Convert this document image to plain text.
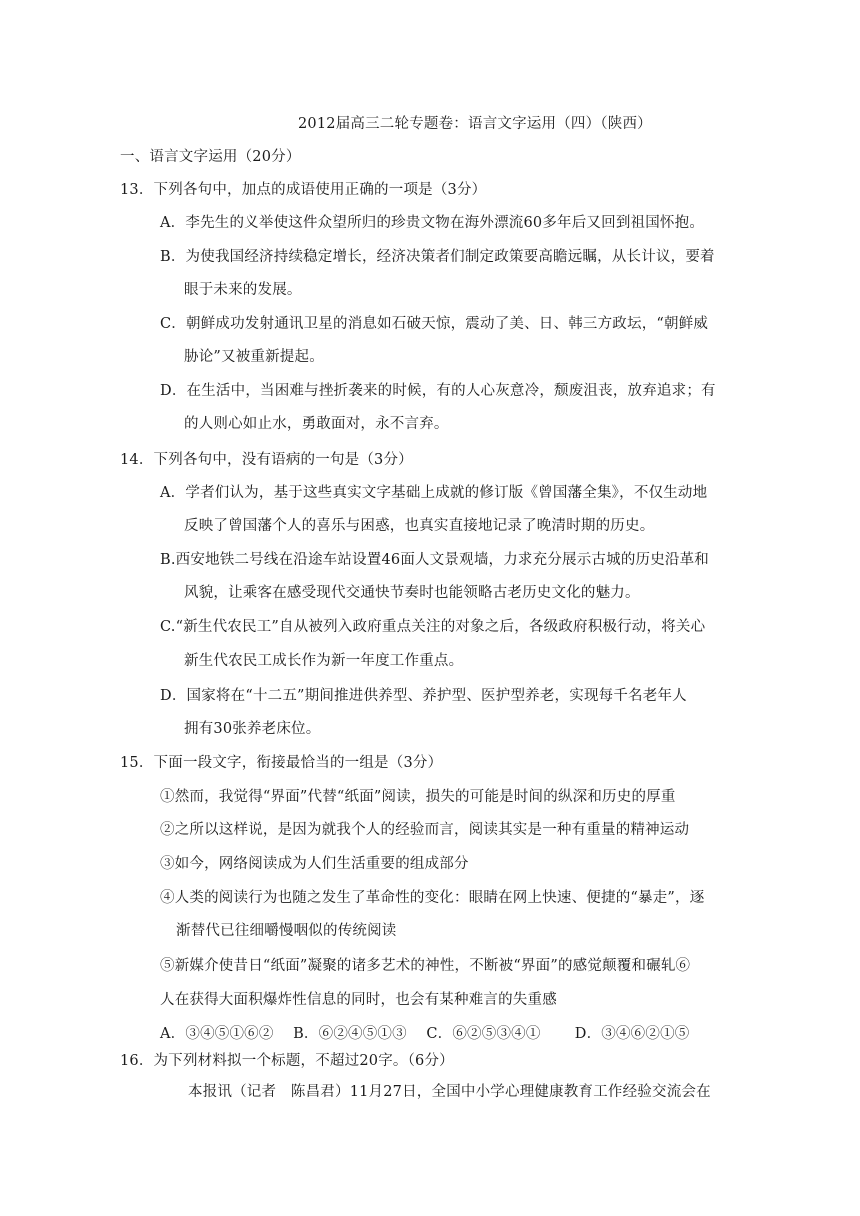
2012届高三二轮专题卷：语言文字运用（四）（陕西）
一、语言文字运用（20分）
13．下列各句中，加点的成语使用正确的一项是（3分）
A．李先生的义举使这件众望所归的珍贵文物在海外漂流60多年后又回到祖国怀抱。
B．为使我国经济持续稳定增长，经济决策者们制定政策要高瞻远瞩，从长计议，要着
眼于未来的发展。
C．朝鲜成功发射通讯卫星的消息如石破天惊，震动了美、日、韩三方政坛，“朝鲜威
胁论”又被重新提起。
D．在生活中，当困难与挫折袭来的时候，有的人心灰意冷，颓废沮丧，放弃追求；有
的人则心如止水，勇敢面对，永不言弃。
14．下列各句中，没有语病的一句是（3分）
A．学者们认为，基于这些真实文字基础上成就的修订版《曾国藩全集》，不仅生动地
反映了曾国藩个人的喜乐与困惑，也真实直接地记录了晚清时期的历史。
B.西安地铁二号线在沿途车站设置46面人文景观墙，力求充分展示古城的历史沿革和
风貌，让乘客在感受现代交通快节奏时也能领略古老历史文化的魅力。
C.“新生代农民工”自从被列入政府重点关注的对象之后，各级政府积极行动，将关心
新生代农民工成长作为新一年度工作重点。
D．国家将在“十二五”期间推进供养型、养护型、医护型养老，实现每千名老年人
拥有30张养老床位。
15．下面一段文字，衔接最恰当的一组是（3分）
①然而，我觉得“界面”代替“纸面”阅读，损失的可能是时间的纵深和历史的厚重
②之所以这样说，是因为就我个人的经验而言，阅读其实是一种有重量的精神运动
③如今，网络阅读成为人们生活重要的组成部分
④人类的阅读行为也随之发生了革命性的变化：眼睛在网上快速、便捷的“暴走”，逐
渐替代已往细嚼慢咽似的传统阅读
⑤新媒介使昔日“纸面”凝聚的诸多艺术的神性，不断被“界面”的感觉颠覆和碾轧⑥
人在获得大面积爆炸性信息的同时，也会有某种难言的失重感
A．③④⑤①⑥②　 B．⑥②④⑤①③　 C．⑥②⑤③④①　 　D．③④⑥②①⑤
16．为下列材料拟一个标题，不超过20字。（6分）
本报讯（记者　陈昌君）11月27日，全国中小学心理健康教育工作经验交流会在
